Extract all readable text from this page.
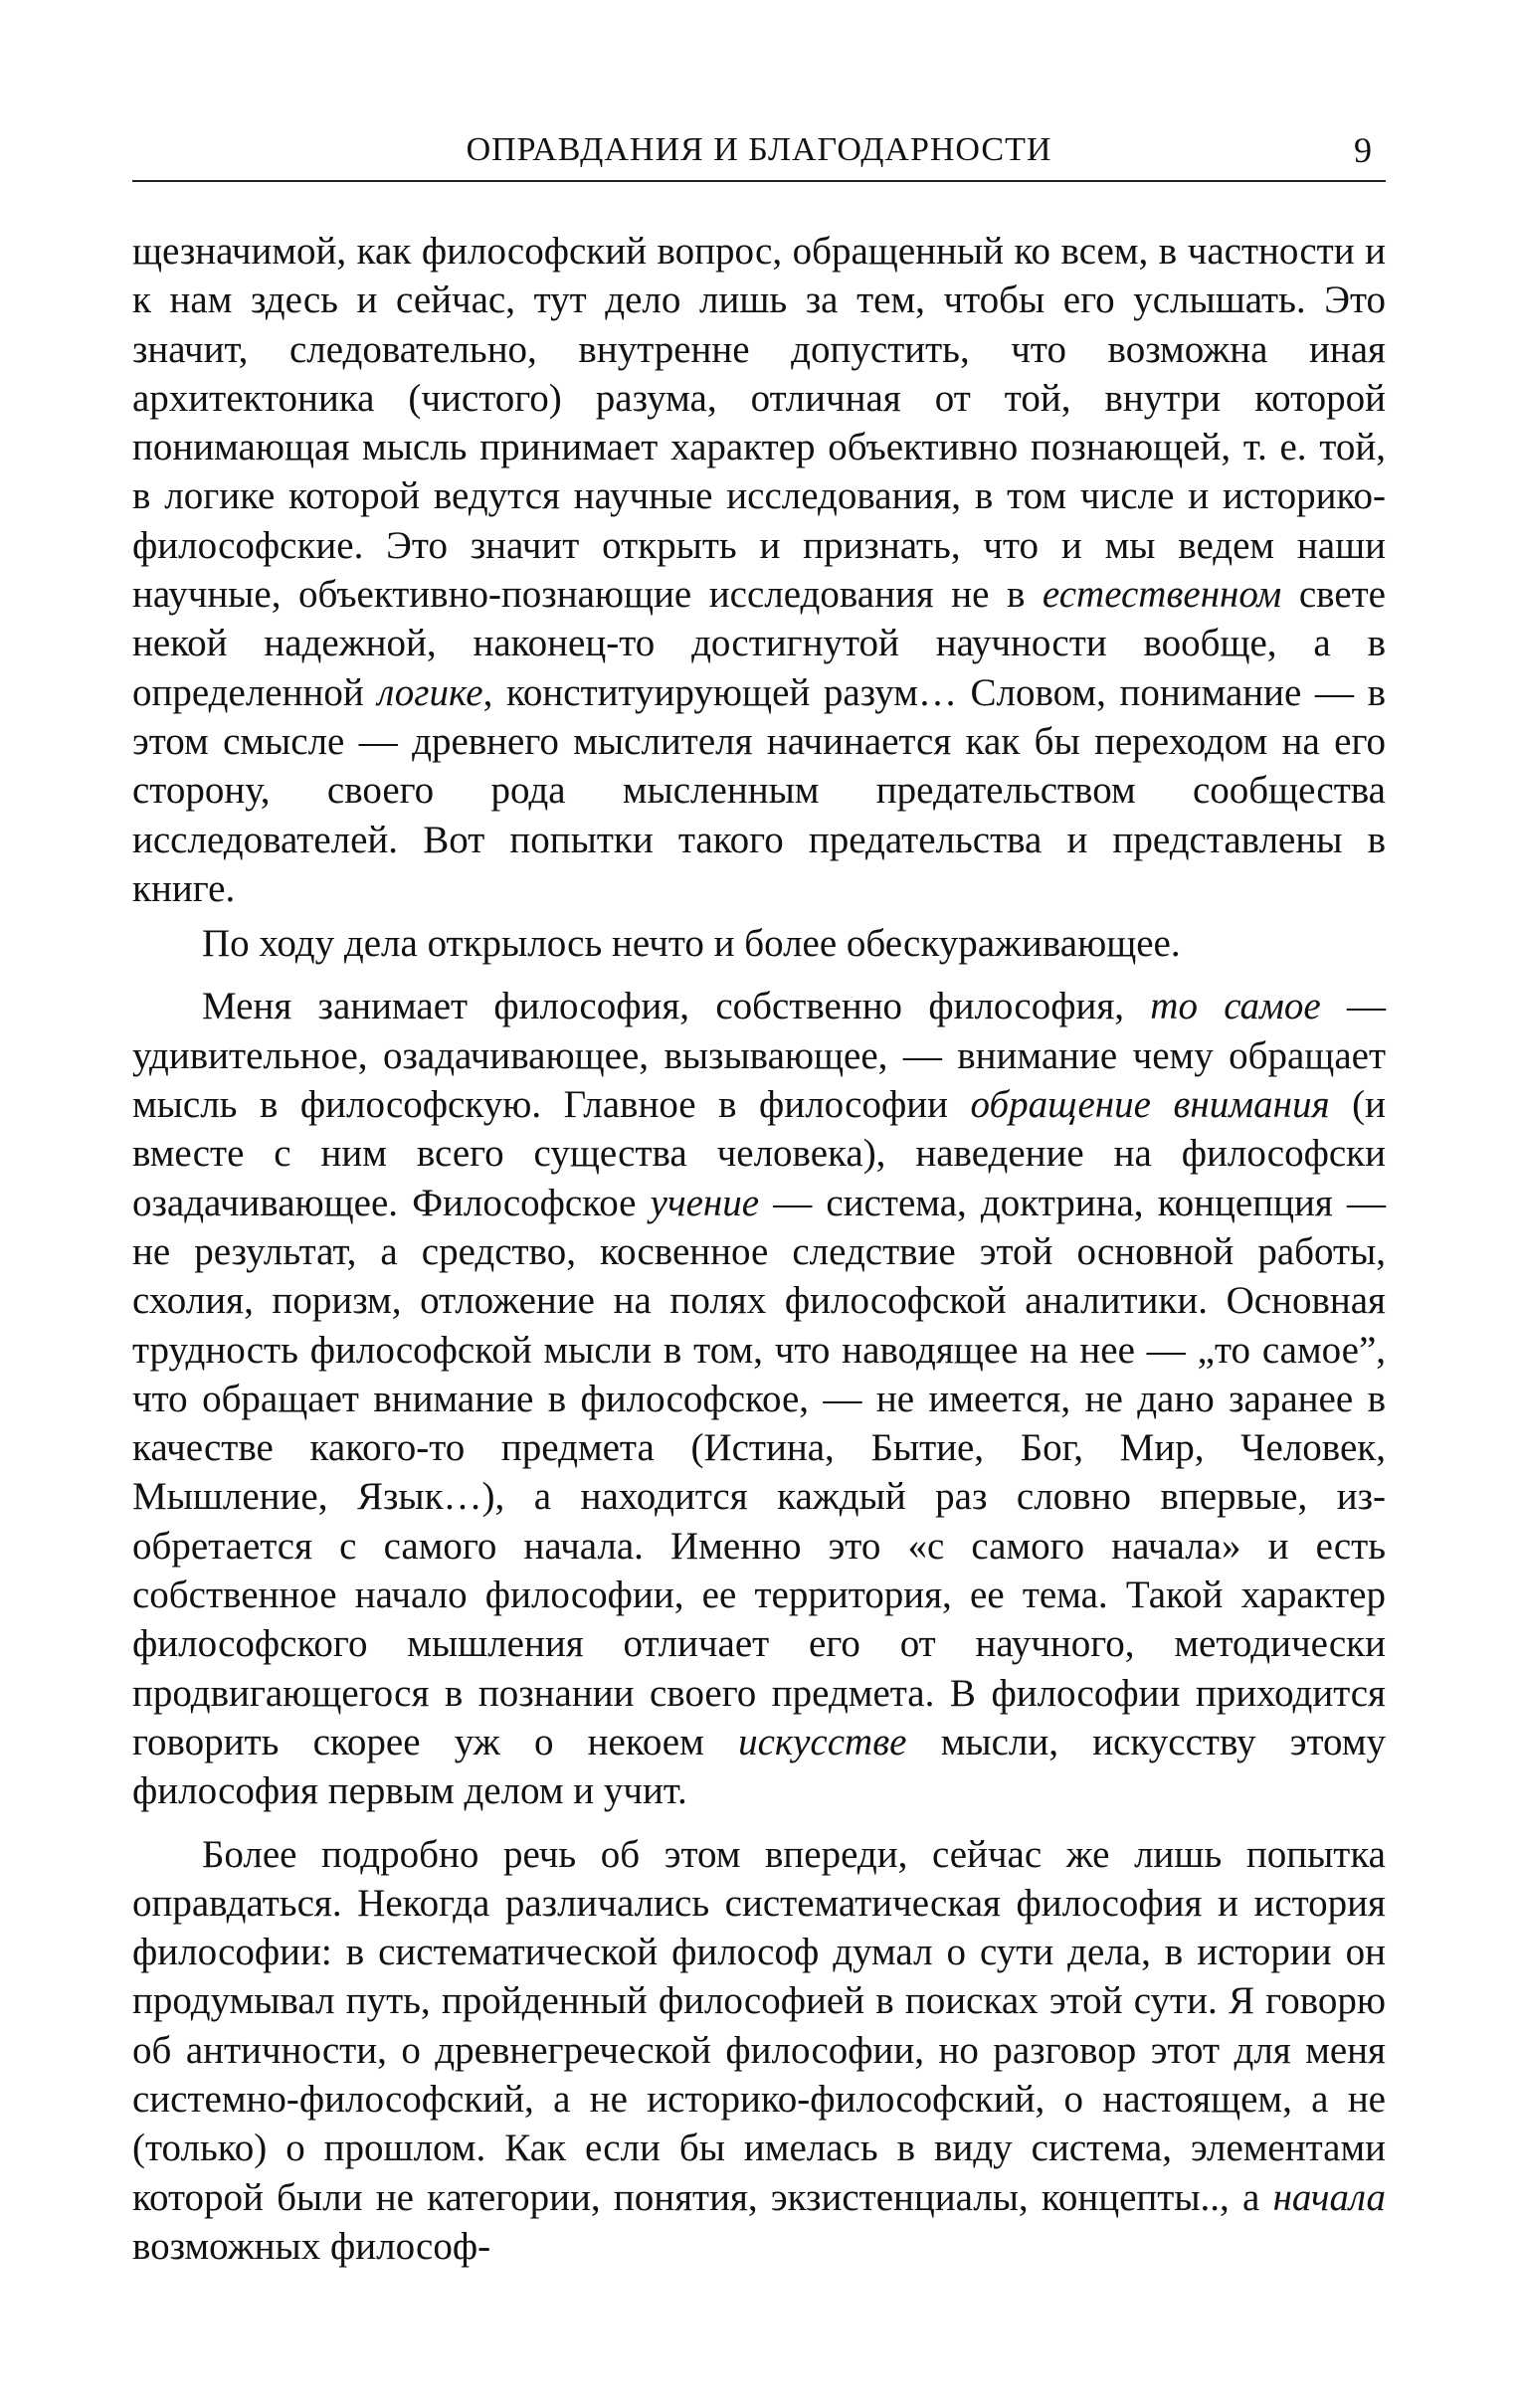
ОПРАВДАНИЯ И БЛАГОДАРНОСТИ	9

щезначимой, как философский вопрос, обращенный ко всем, в частности и к нам здесь и сейчас, тут дело лишь за тем, чтобы его услышать. Это значит, следовательно, внутренне допустить, что возможна иная архитектоника (чистого) разума, отличная от той, внутри которой понимающая мысль принимает характер объективно познающей, т. е. той, в логике которой ведутся научные исследования, в том числе и историко-философские. Это значит открыть и признать, что и мы ведем наши научные, объективно-познающие исследования не в естественном свете некой надежной, наконец-то достигнутой научности вообще, а в определенной логике, конституирующей разум… Словом, понимание — в этом смысле — древнего мыслителя начинается как бы переходом на его сторону, своего рода мысленным предательством сообщества исследователей. Вот попытки такого предательства и представлены в книге.

По ходу дела открылось нечто и более обескураживающее.

Меня занимает философия, собственно философия, то самое — удивительное, озадачивающее, вызывающее, — внимание чему обращает мысль в философскую. Главное в философии обращение внимания (и вместе с ним всего существа человека), наведение на философски озадачивающее. Философское учение — система, доктрина, концепция — не результат, а средство, косвенное следствие этой основной работы, схолия, поризм, отложение на полях философской аналитики. Основная трудность философской мысли в том, что наводящее на нее — „то самое”, что обращает внимание в философское, — не имеется, не дано заранее в качестве какого-то предмета (Истина, Бытие, Бог, Мир, Человек, Мышление, Язык…), а находится каждый раз словно впервые, из-обретается с самого начала. Именно это «с самого начала» и есть собственное начало философии, ее территория, ее тема. Такой характер философского мышления отличает его от научного, методически продвигающегося в познании своего предмета. В философии приходится говорить скорее уж о некоем искусстве мысли, искусству этому философия первым делом и учит.

Более подробно речь об этом впереди, сейчас же лишь попытка оправдаться. Некогда различались систематическая философия и история философии: в систематической философ думал о сути дела, в истории он продумывал путь, пройденный философией в поисках этой сути. Я говорю об античности, о древнегреческой философии, но разговор этот для меня системно-философский, а не историко-философский, о настоящем, а не (только) о прошлом. Как если бы имелась в виду система, элементами которой были не категории, понятия, экзистенциалы, концепты.., а начала возможных философ-
